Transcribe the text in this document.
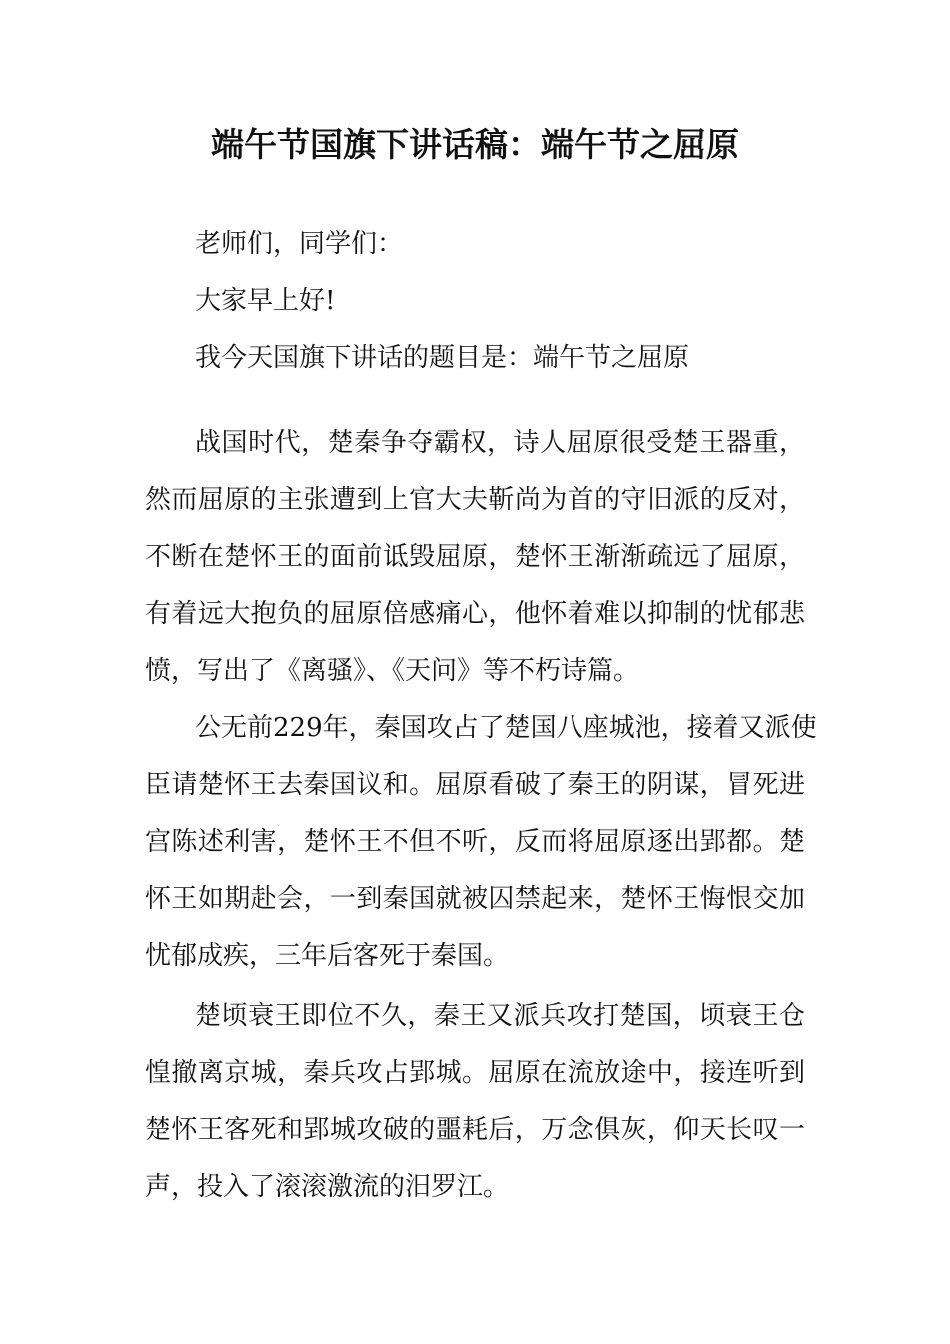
端午节国旗下讲话稿：端午节之屈原
老师们，同学们：
大家早上好!
我今天国旗下讲话的题目是：端午节之屈原
战国时代，楚秦争夺霸权，诗人屈原很受楚王器重，
然而屈原的主张遭到上官大夫靳尚为首的守旧派的反对，
不断在楚怀王的面前诋毁屈原，楚怀王渐渐疏远了屈原，
有着远大抱负的屈原倍感痛心，他怀着难以抑制的忧郁悲
愤，写出了《离骚》、《天问》等不朽诗篇。
公无前229年，秦国攻占了楚国八座城池，接着又派使
臣请楚怀王去秦国议和。屈原看破了秦王的阴谋，冒死进
宫陈述利害，楚怀王不但不听，反而将屈原逐出郢都。楚
怀王如期赴会，一到秦国就被囚禁起来，楚怀王悔恨交加
忧郁成疾，三年后客死于秦国。
楚顷衰王即位不久，秦王又派兵攻打楚国，顷衰王仓
惶撤离京城，秦兵攻占郢城。屈原在流放途中，接连听到
楚怀王客死和郢城攻破的噩耗后，万念俱灰，仰天长叹一
声，投入了滚滚激流的汨罗江。
